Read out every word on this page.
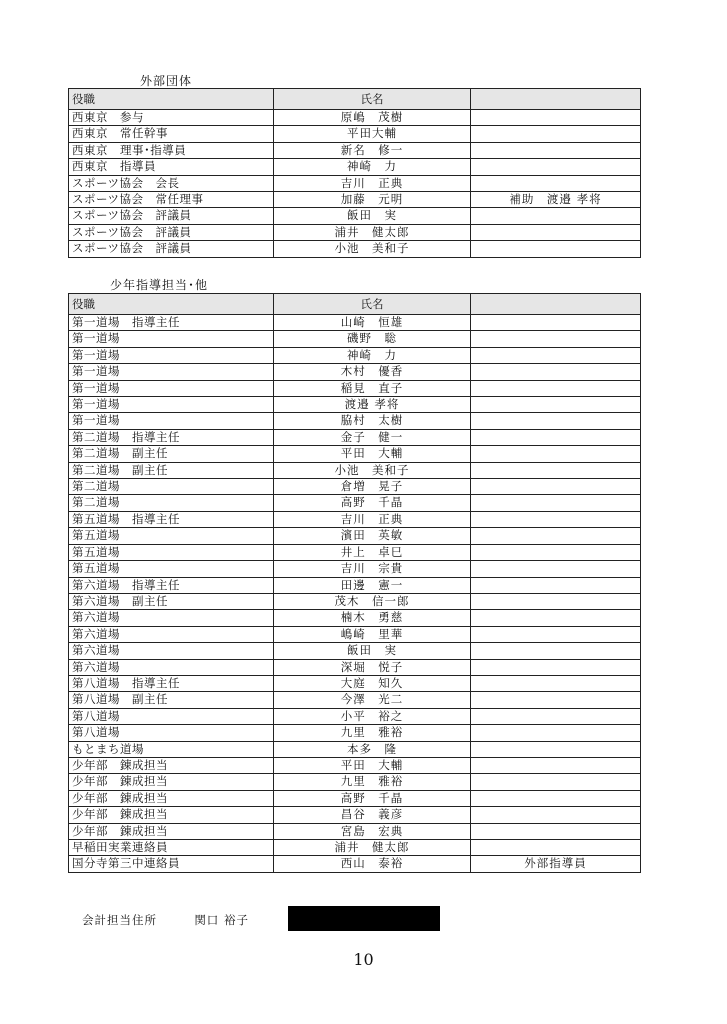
外部団体
役職	氏名	
西東京　参与	原嶋　茂樹	
西東京　常任幹事	平田大輔	
西東京　理事･指導員	新名　修一	
西東京　指導員	神崎　力	
スポーツ協会　会長	吉川　正典	
スポーツ協会　常任理事	加藤　元明	補助　渡邉 孝将
スポーツ協会　評議員	飯田　実	
スポーツ協会　評議員	浦井　健太郎	
スポーツ協会　評議員	小池　美和子	
少年指導担当･他
役職	氏名	
第一道場　指導主任	山崎　恒雄	
第一道場	磯野　聡	
第一道場	神崎　力	
第一道場	木村　優香	
第一道場	稲見　直子	
第一道場	渡邉 孝将	
第一道場	脇村　太樹	
第二道場　指導主任	金子　健一	
第二道場　副主任	平田　大輔	
第二道場　副主任	小池　美和子	
第二道場	倉増　晃子	
第二道場	高野　千晶	
第五道場　指導主任	吉川　正典	
第五道場	濱田　英敏	
第五道場	井上　卓巳	
第五道場	吉川　宗貴	
第六道場　指導主任	田邊　憲一	
第六道場　副主任	茂木　信一郎	
第六道場	楠木　勇慈	
第六道場	嶋崎　里華	
第六道場	飯田　実	
第六道場	深堀　悦子	
第八道場　指導主任	大庭　知久	
第八道場　副主任	今澤　光二	
第八道場	小平　裕之	
第八道場	九里　雅裕	
もとまち道場	本多　隆	
少年部　錬成担当	平田　大輔	
少年部　錬成担当	九里　雅裕	
少年部　錬成担当	高野　千晶	
少年部　錬成担当	昌谷　義彦	
少年部　錬成担当	宮島　宏典	
早稲田実業連絡員	浦井　健太郎	
国分寺第三中連絡員	西山　泰裕	外部指導員
会計担当住所	関口 裕子
10
